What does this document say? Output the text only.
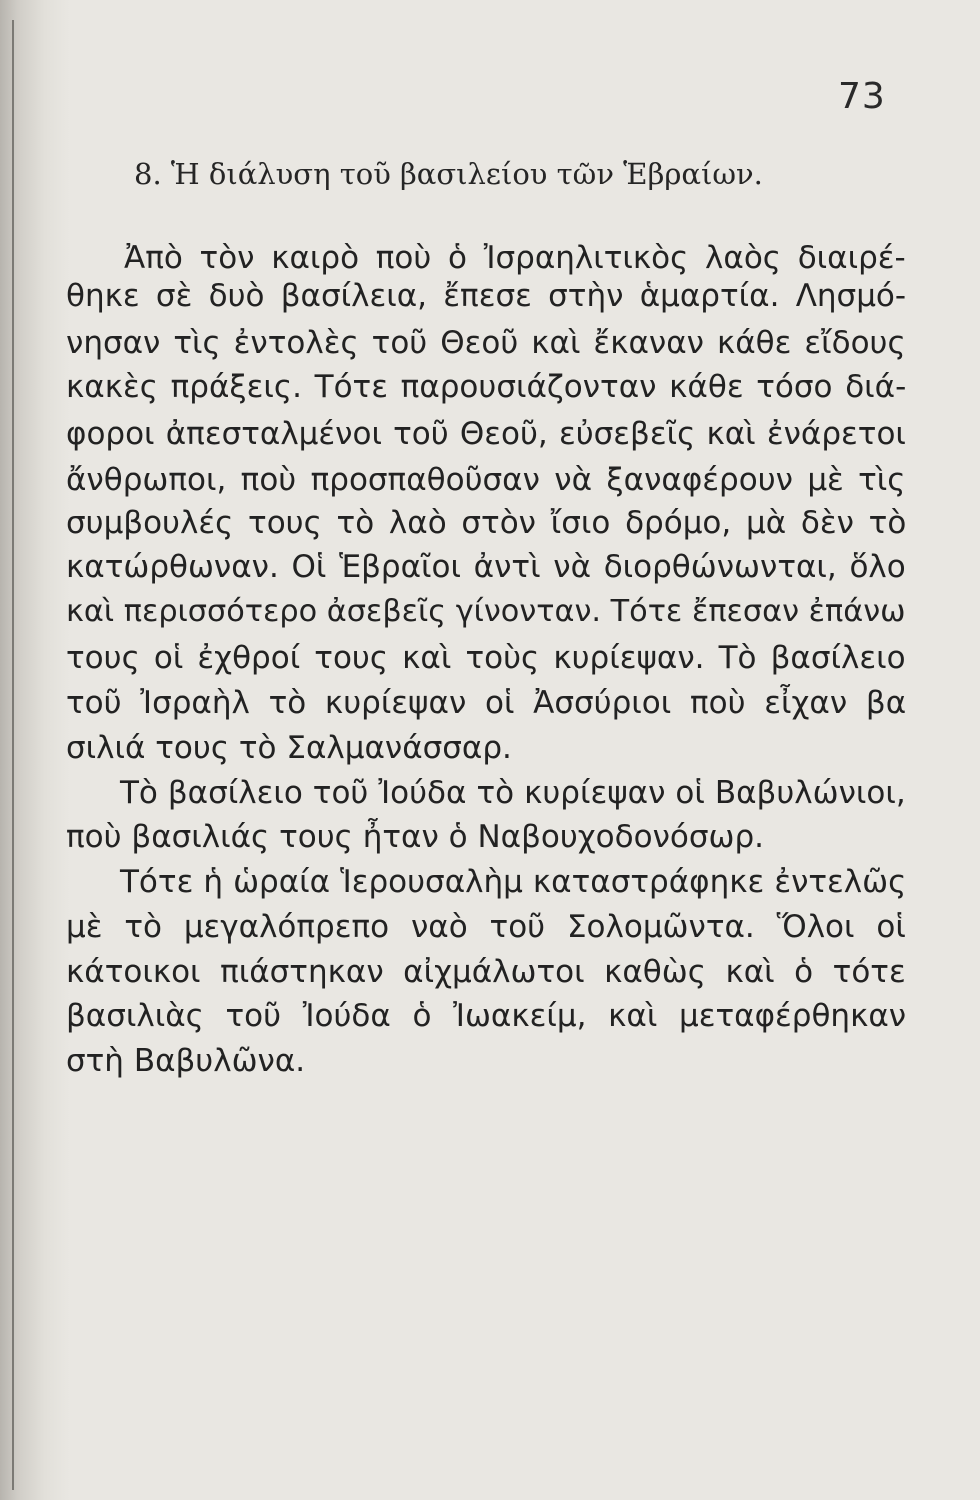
73
8. Ἡ διάλυση τοῦ βασιλείου τῶν Ἑβραίων.

Ἀπὸ τὸν καιρὸ ποὺ ὁ Ἰσραηλιτικὸς λαὸς διαιρέ-

θηκε σὲ δυὸ βασίλεια, ἔπεσε στὴν ἁμαρτία. Λησμό-

νησαν τὶς ἐντολὲς τοῦ Θεοῦ καὶ ἔκαναν κάθε εἴδους

κακὲς πράξεις. Τότε παρουσιάζονταν κάθε τόσο διά-

φοροι ἀπεσταλμένοι τοῦ Θεοῦ, εὐσεβεῖς καὶ ἐνάρετοι

ἄνθρωποι, ποὺ προσπαθοῦσαν νὰ ξαναφέρουν μὲ τὶς

συμβουλές τους τὸ λαὸ στὸν ἴσιο δρόμο, μὰ δὲν τὸ

κατώρθωναν. Οἱ Ἑβραῖοι ἀντὶ νὰ διορθώνωνται, ὅλο

καὶ περισσότερο ἀσεβεῖς γίνονταν. Τότε ἔπεσαν ἐπάνω

τους οἱ ἐχθροί τους καὶ τοὺς κυρίεψαν. Τὸ βασίλειο

τοῦ Ἰσραὴλ τὸ κυρίεψαν οἱ Ἀσσύριοι ποὺ εἶχαν βα

σιλιά τους τὸ Σαλμανάσσαρ.

Τὸ βασίλειο τοῦ Ἰούδα τὸ κυρίεψαν οἱ Βαβυλώνιοι,

ποὺ βασιλιάς τους ἦταν ὁ Ναβουχοδονόσωρ.

Τότε ἡ ὡραία Ἱερουσαλὴμ καταστράφηκε ἐντελῶς

μὲ τὸ μεγαλόπρεπο ναὸ τοῦ Σολομῶντα. Ὅλοι οἱ

κάτοικοι πιάστηκαν αἰχμάλωτοι καθὼς καὶ ὁ τότε

βασιλιὰς τοῦ Ἰούδα ὁ Ἰωακείμ, καὶ μεταφέρθηκαν

στὴ Βαβυλῶνα.
